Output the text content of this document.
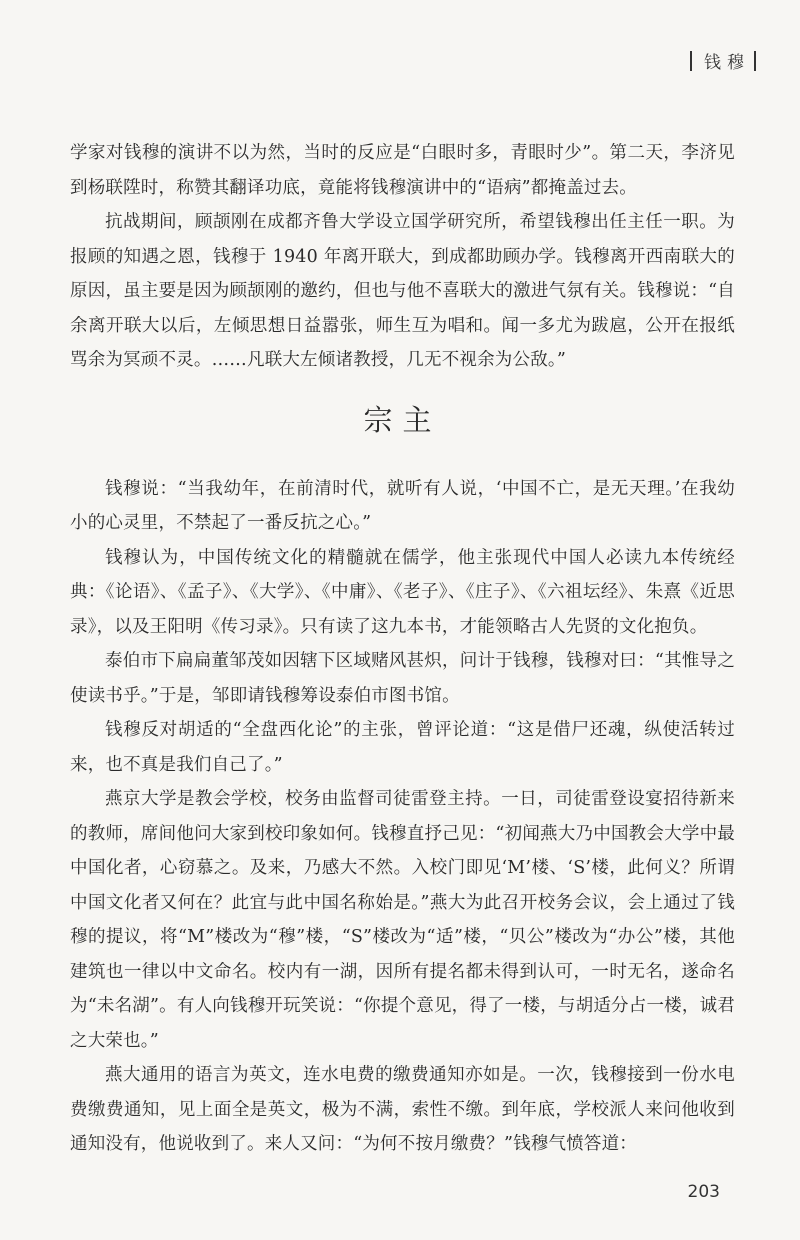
钱穆

学家对钱穆的演讲不以为然，当时的反应是“白眼时多，青眼时少”。第二天，李济见到杨联陞时，称赞其翻译功底，竟能将钱穆演讲中的“语病”都掩盖过去。

抗战期间，顾颉刚在成都齐鲁大学设立国学研究所，希望钱穆出任主任一职。为报顾的知遇之恩，钱穆于 1940 年离开联大，到成都助顾办学。钱穆离开西南联大的原因，虽主要是因为顾颉刚的邀约，但也与他不喜联大的激进气氛有关。钱穆说：“自余离开联大以后，左倾思想日益嚣张，师生互为唱和。闻一多尤为跋扈，公开在报纸骂余为冥顽不灵。……凡联大左倾诸教授，几无不视余为公敌。”

宗主

钱穆说：“当我幼年，在前清时代，就听有人说，‘中国不亡，是无天理。’在我幼小的心灵里，不禁起了一番反抗之心。”

钱穆认为，中国传统文化的精髓就在儒学，他主张现代中国人必读九本传统经典：《论语》、《孟子》、《大学》、《中庸》、《老子》、《庄子》、《六祖坛经》、朱熹《近思录》，以及王阳明《传习录》。只有读了这九本书，才能领略古人先贤的文化抱负。

泰伯市下扁扁董邹茂如因辖下区域赌风甚炽，问计于钱穆，钱穆对曰：“其惟导之使读书乎。”于是，邹即请钱穆筹设泰伯市图书馆。

钱穆反对胡适的“全盘西化论”的主张，曾评论道：“这是借尸还魂，纵使活转过来，也不真是我们自己了。”

燕京大学是教会学校，校务由监督司徒雷登主持。一日，司徒雷登设宴招待新来的教师，席间他问大家到校印象如何。钱穆直抒己见：“初闻燕大乃中国教会大学中最中国化者，心窃慕之。及来，乃感大不然。入校门即见‘M’楼、‘S’楼，此何义？所谓中国文化者又何在？此宜与此中国名称始是。”燕大为此召开校务会议，会上通过了钱穆的提议，将“M”楼改为“穆”楼，“S”楼改为“适”楼，“贝公”楼改为“办公”楼，其他建筑也一律以中文命名。校内有一湖，因所有提名都未得到认可，一时无名，遂命名为“未名湖”。有人向钱穆开玩笑说：“你提个意见，得了一楼，与胡适分占一楼，诚君之大荣也。”

燕大通用的语言为英文，连水电费的缴费通知亦如是。一次，钱穆接到一份水电费缴费通知，见上面全是英文，极为不满，索性不缴。到年底，学校派人来问他收到通知没有，他说收到了。来人又问：“为何不按月缴费？”钱穆气愤答道：

203
